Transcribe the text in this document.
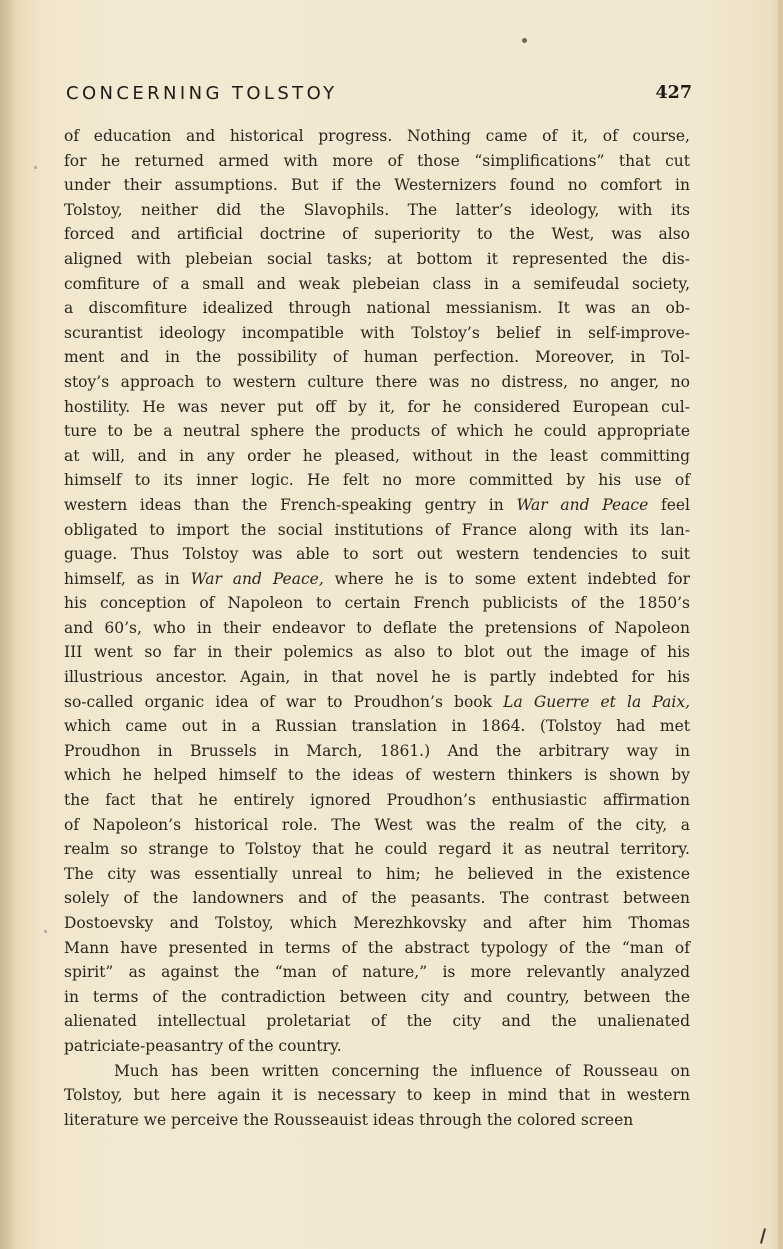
CONCERNING TOLSTOY	427
of education and historical progress. Nothing came of it, of course,
for he returned armed with more of those “simplifications” that cut
under their assumptions. But if the Westernizers found no comfort in
Tolstoy, neither did the Slavophils. The latter’s ideology, with its
forced and artificial doctrine of superiority to the West, was also
aligned with plebeian social tasks; at bottom it represented the dis-
comfiture of a small and weak plebeian class in a semifeudal society,
a discomfiture idealized through national messianism. It was an ob-
scurantist ideology incompatible with Tolstoy’s belief in self-improve-
ment and in the possibility of human perfection. Moreover, in Tol-
stoy’s approach to western culture there was no distress, no anger, no
hostility. He was never put off by it, for he considered European cul-
ture to be a neutral sphere the products of which he could appropriate
at will, and in any order he pleased, without in the least committing
himself to its inner logic. He felt no more committed by his use of
western ideas than the French-speaking gentry in War and Peace feel
obligated to import the social institutions of France along with its lan-
guage. Thus Tolstoy was able to sort out western tendencies to suit
himself, as in War and Peace, where he is to some extent indebted for
his conception of Napoleon to certain French publicists of the 1850’s
and 60’s, who in their endeavor to deflate the pretensions of Napoleon
III went so far in their polemics as also to blot out the image of his
illustrious ancestor. Again, in that novel he is partly indebted for his
so-called organic idea of war to Proudhon’s book La Guerre et la Paix,
which came out in a Russian translation in 1864. (Tolstoy had met
Proudhon in Brussels in March, 1861.) And the arbitrary way in
which he helped himself to the ideas of western thinkers is shown by
the fact that he entirely ignored Proudhon’s enthusiastic affirmation
of Napoleon’s historical role. The West was the realm of the city, a
realm so strange to Tolstoy that he could regard it as neutral territory.
The city was essentially unreal to him; he believed in the existence
solely of the landowners and of the peasants. The contrast between
Dostoevsky and Tolstoy, which Merezhkovsky and after him Thomas
Mann have presented in terms of the abstract typology of the “man of
spirit” as against the “man of nature,” is more relevantly analyzed
in terms of the contradiction between city and country, between the
alienated intellectual proletariat of the city and the unalienated
patriciate-peasantry of the country.
Much has been written concerning the influence of Rousseau on
Tolstoy, but here again it is necessary to keep in mind that in western
literature we perceive the Rousseauist ideas through the colored screen
